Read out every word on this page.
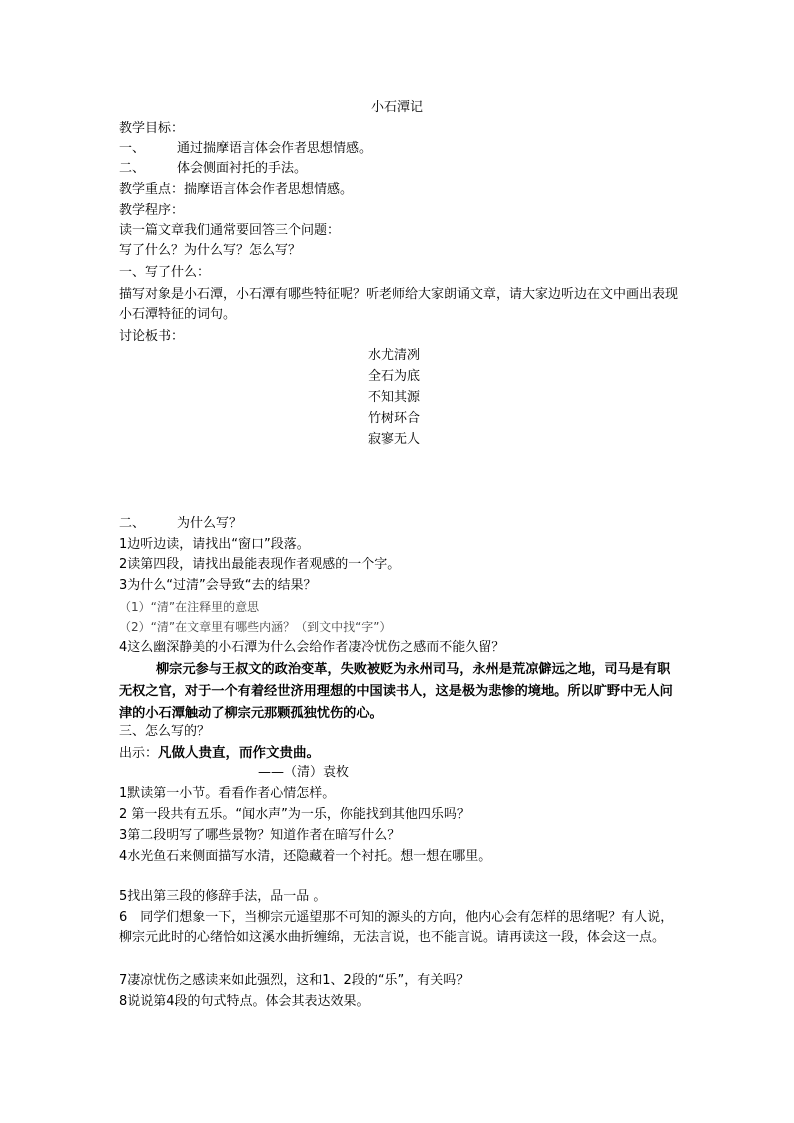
小石潭记
教学目标：
一、 通过揣摩语言体会作者思想情感。
二、 体会侧面衬托的手法。
教学重点：揣摩语言体会作者思想情感。
教学程序：
读一篇文章我们通常要回答三个问题：
写了什么？为什么写？怎么写？
一、写了什么：
描写对象是小石潭，小石潭有哪些特征呢？听老师给大家朗诵文章，请大家边听边在文中画出表现小石潭特征的词句。
讨论板书：
水尤清冽
全石为底
不知其源
竹树环合
寂寥无人
二、 为什么写？
1边听边读，请找出“窗口”段落。
2读第四段，请找出最能表现作者观感的一个字。
3为什么“过清”会导致“去的结果？
（1）“清”在注释里的意思
（2）“清”在文章里有哪些内涵？（到文中找“字”）
4这么幽深静美的小石潭为什么会给作者凄冷忧伤之感而不能久留？
柳宗元参与王叔文的政治变革，失败被贬为永州司马，永州是荒凉僻远之地，司马是有职无权之官，对于一个有着经世济用理想的中国读书人，这是极为悲惨的境地。所以旷野中无人问津的小石潭触动了柳宗元那颗孤独忧伤的心。
三、怎么写的？
出示：凡做人贵直，而作文贵曲。
——（清）袁枚
1默读第一小节。看看作者心情怎样。
2 第一段共有五乐。“闻水声”为一乐，你能找到其他四乐吗？
3第二段明写了哪些景物？知道作者在暗写什么？
4水光鱼石来侧面描写水清，还隐藏着一个衬托。想一想在哪里。
5找出第三段的修辞手法，品一品 。
6　同学们想象一下，当柳宗元遥望那不可知的源头的方向，他内心会有怎样的思绪呢？有人说，柳宗元此时的心绪恰如这溪水曲折缠绵，无法言说，也不能言说。请再读这一段，体会这一点。
7凄凉忧伤之感读来如此强烈，这和1、2段的“乐”，有关吗？
8说说第4段的句式特点。体会其表达效果。
